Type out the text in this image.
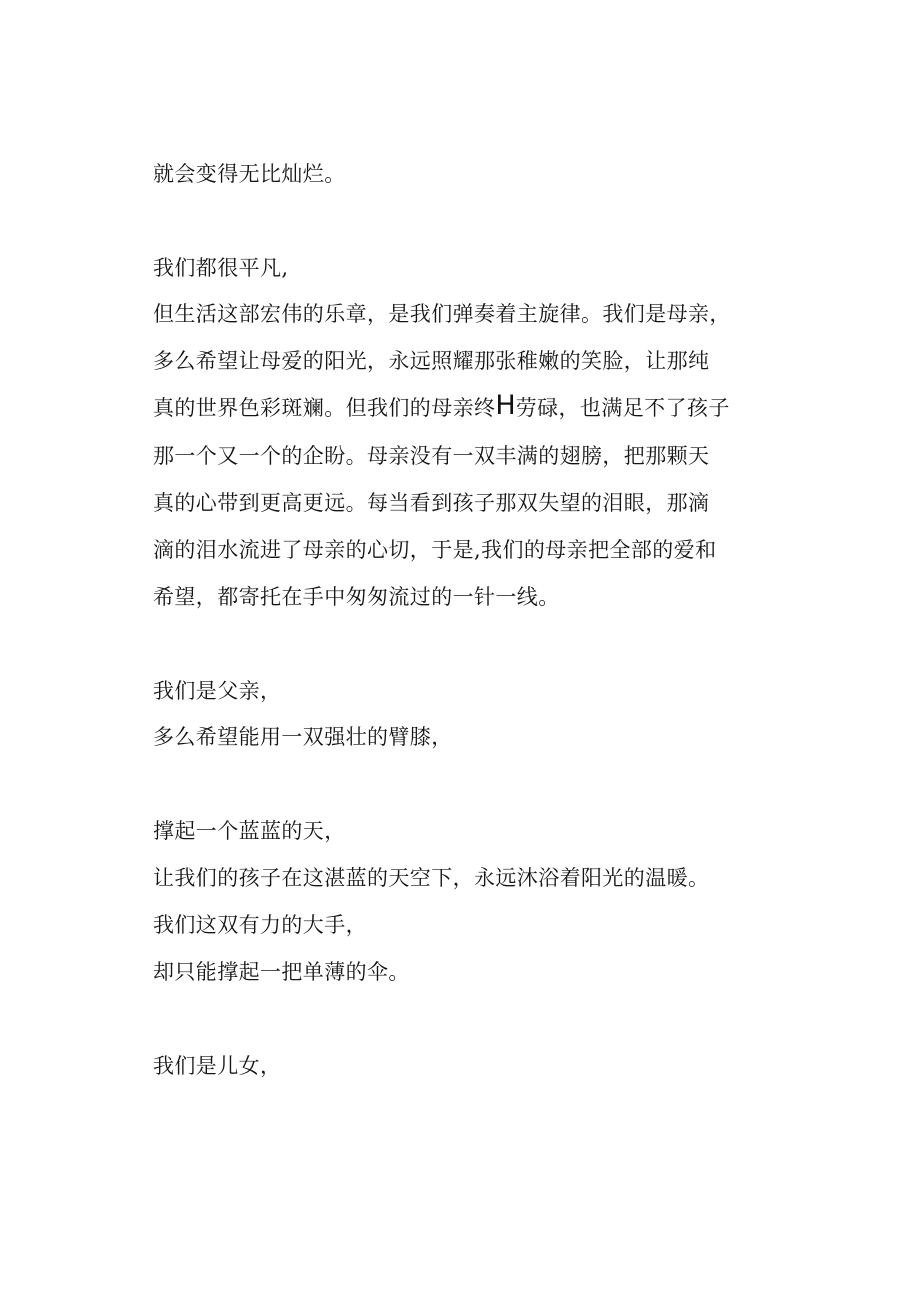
就会变得无比灿烂。
我们都很平凡,
但生活这部宏伟的乐章，是我们弹奏着主旋律。我们是母亲，
多么希望让母爱的阳光，永远照耀那张稚嫩的笑脸，让那纯
真的世界色彩斑斓。但我们的母亲终H劳碌，也满足不了孩子
那一个又一个的企盼。母亲没有一双丰满的翅膀，把那颗天
真的心带到更高更远。每当看到孩子那双失望的泪眼，那滴
滴的泪水流进了母亲的心切，于是,我们的母亲把全部的爱和
希望，都寄托在手中匆匆流过的一针一线。
我们是父亲，
多么希望能用一双强壮的臂膝，
撑起一个蓝蓝的天，
让我们的孩子在这湛蓝的天空下，永远沐浴着阳光的温暖。
我们这双有力的大手，
却只能撑起一把单薄的伞。
我们是儿女，
